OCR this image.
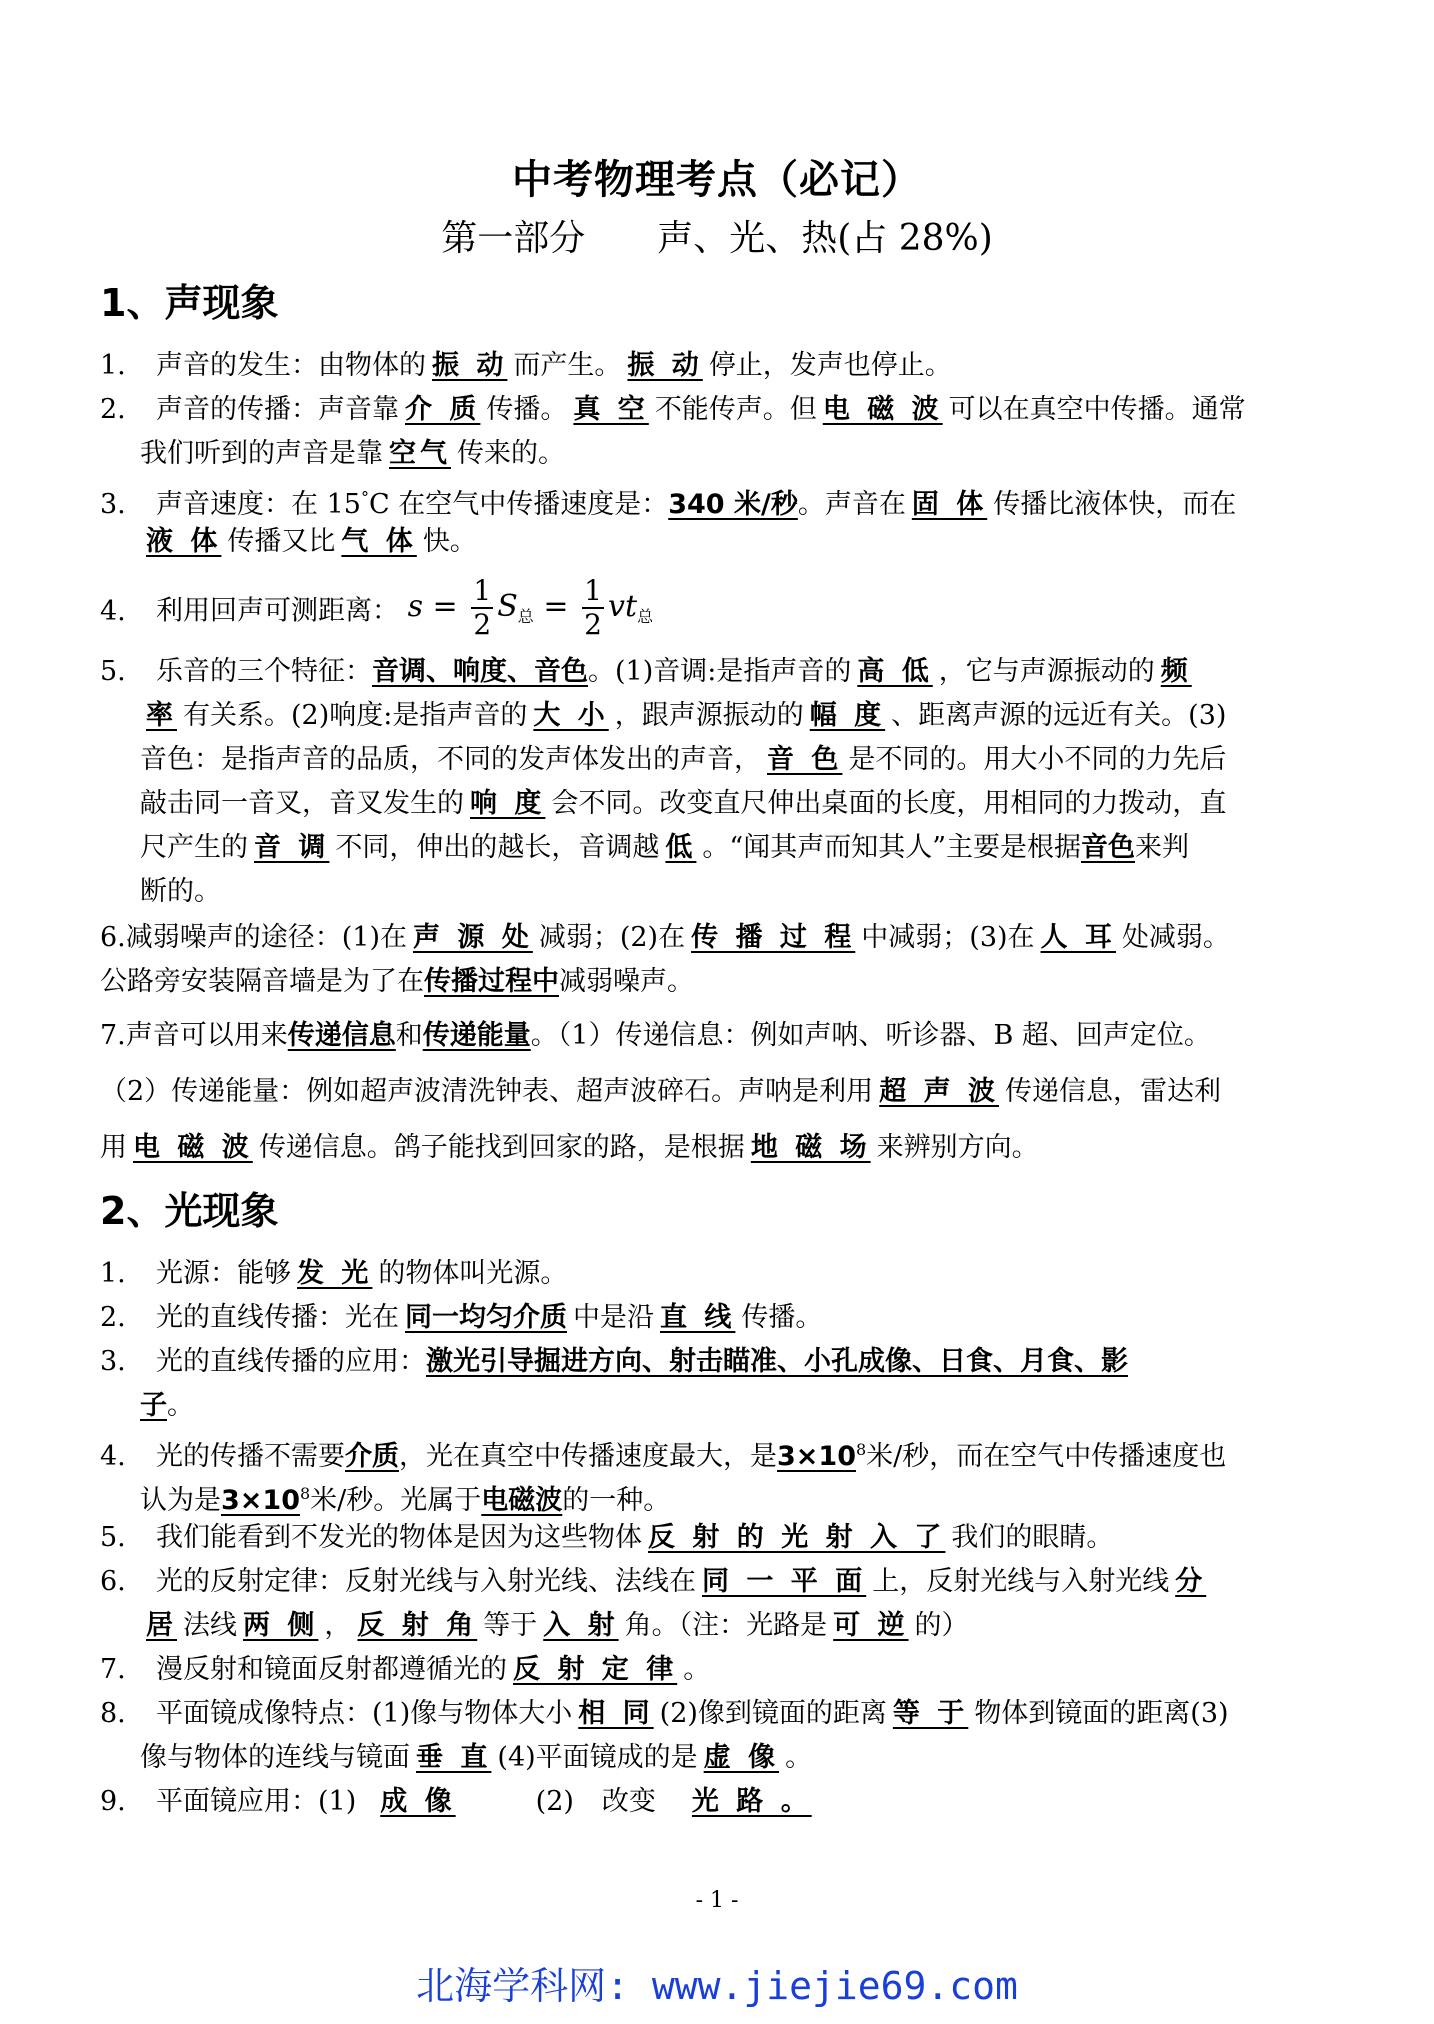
中考物理考点（必记）
第一部分 声、光、热(占 28%)
1、声现象
1. 声音的发生：由物体的 振 动 而产生。 振 动 停止，发声也停止。
2. 声音的传播：声音靠 介 质 传播。 真 空 不能传声。但 电 磁 波 可以在真空中传播。通常
我们听到的声音是靠 空气 传来的。
3. 声音速度：在 15°C 在空气中传播速度是：340 米/秒。声音在 固 体 传播比液体快，而在
液 体 传播又比 气 体 快。
4. 利用回声可测距离： $s = \frac{1}{2} S_总 = \frac{1}{2} vt_总$
5. 乐音的三个特征：音调、响度、音色。(1)音调:是指声音的 高 低 ，它与声源振动的 频
率 有关系。(2)响度:是指声音的 大 小 ，跟声源振动的 幅 度 、距离声源的远近有关。(3)
音色：是指声音的品质，不同的发声体发出的声音， 音 色 是不同的。用大小不同的力先后
敲击同一音叉，音叉发生的 响 度 会不同。改变直尺伸出桌面的长度，用相同的力拨动，直
尺产生的 音 调 不同，伸出的越长，音调越 低 。“闻其声而知其人”主要是根据音色来判
断的。
6.减弱噪声的途径：(1)在 声 源 处 减弱；(2)在 传 播 过 程 中减弱；(3)在 人 耳 处减弱。
公路旁安装隔音墙是为了在传播过程中减弱噪声。
7.声音可以用来传递信息和传递能量。（1）传递信息：例如声呐、听诊器、B 超、回声定位。
（2）传递能量：例如超声波清洗钟表、超声波碎石。声呐是利用 超 声 波 传递信息，雷达利
用 电 磁 波 传递信息。鸽子能找到回家的路，是根据 地 磁 场 来辨别方向。
2、光现象
1. 光源：能够 发 光 的物体叫光源。
2. 光的直线传播：光在 同一均匀介质 中是沿 直 线 传播。
3. 光的直线传播的应用：激光引导掘进方向、射击瞄准、小孔成像、日食、月食、影
子。
4. 光的传播不需要介质，光在真空中传播速度最大，是$3\times 10^8$米/秒，而在空气中传播速度也
认为是$3\times 10^8$米/秒。光属于电磁波的一种。
5. 我们能看到不发光的物体是因为这些物体 反 射 的 光 射 入 了 我们的眼睛。
6. 光的反射定律：反射光线与入射光线、法线在 同 一 平 面 上，反射光线与入射光线 分
居 法线 两 侧 ， 反 射 角 等于 入 射 角。（注：光路是 可 逆 的）
7. 漫反射和镜面反射都遵循光的 反 射 定 律 。
8. 平面镜成像特点：(1)像与物体大小 相 同 (2)像到镜面的距离 等 于 物体到镜面的距离(3)
像与物体的连线与镜面 垂 直 (4)平面镜成的是 虚 像 。
9. 平面镜应用：(1) 成 像	(2) 改变 光 路 。
- 1 -
北海学科网: www.jiejie69.com
